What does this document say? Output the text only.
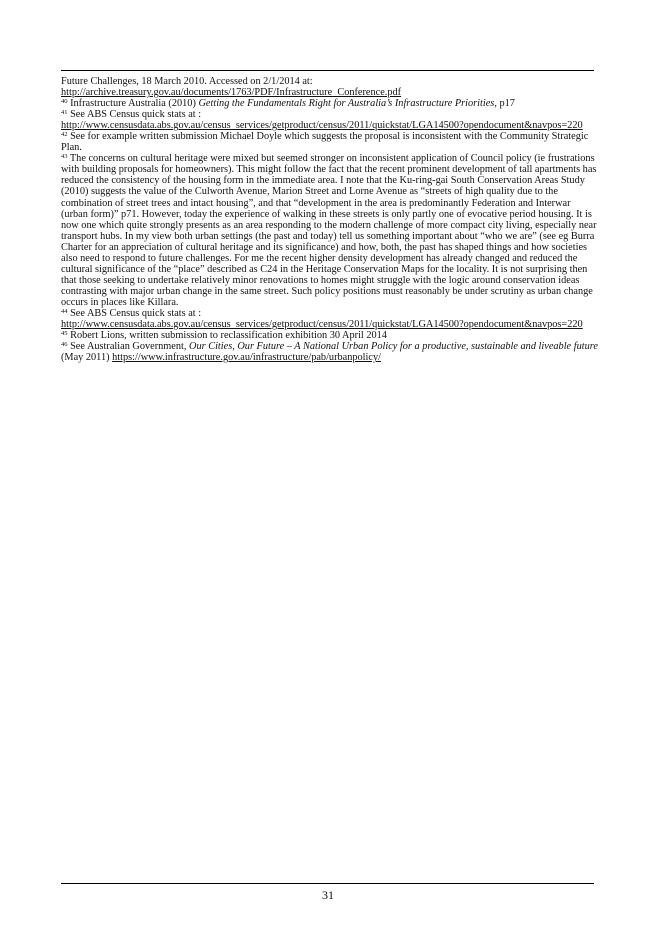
Future Challenges, 18 March 2010. Accessed on 2/1/2014 at:
http://archive.treasury.gov.au/documents/1763/PDF/Infrastructure_Conference.pdf

$^{40}$ Infrastructure Australia (2010) Getting the Fundamentals Right for Australia’s Infrastructure Priorities, p17

$^{41}$ See ABS Census quick stats at :
http://www.censusdata.abs.gov.au/census_services/getproduct/census/2011/quickstat/LGA14500?opendocument&navpos=220

$^{42}$ See for example written submission Michael Doyle which suggests the proposal is inconsistent with the Community Strategic Plan.

$^{43}$ The concerns on cultural heritage were mixed but seemed stronger on inconsistent application of Council policy (ie frustrations with building proposals for homeowners). This might follow the fact that the recent prominent development of tall apartments has reduced the consistency of the housing form in the immediate area. I note that the Ku-ring-gai South Conservation Areas Study (2010) suggests the value of the Culworth Avenue, Marion Street and Lorne Avenue as “streets of high quality due to the combination of street trees and intact housing”, and that “development in the area is predominantly Federation and Interwar (urban form)” p71. However, today the experience of walking in these streets is only partly one of evocative period housing. It is now one which quite strongly presents as an area responding to the modern challenge of more compact city living, especially near transport hubs. In my view both urban settings (the past and today) tell us something important about “who we are” (see eg Burra Charter for an appreciation of cultural heritage and its significance) and how, both, the past has shaped things and how societies also need to respond to future challenges. For me the recent higher density development has already changed and reduced the cultural significance of the “place” described as C24 in the Heritage Conservation Maps for the locality. It is not surprising then that those seeking to undertake relatively minor renovations to homes might struggle with the logic around conservation ideas contrasting with major urban change in the same street. Such policy positions must reasonably be under scrutiny as urban change occurs in places like Killara.

$^{44}$ See ABS Census quick stats at :
http://www.censusdata.abs.gov.au/census_services/getproduct/census/2011/quickstat/LGA14500?opendocument&navpos=220

$^{45}$ Robert Lions, written submission to reclassification exhibition 30 April 2014

$^{46}$ See Australian Government, Our Cities, Our Future – A National Urban Policy for a productive, sustainable and liveable future (May 2011) https://www.infrastructure.gov.au/infrastructure/pab/urbanpolicy/

31
